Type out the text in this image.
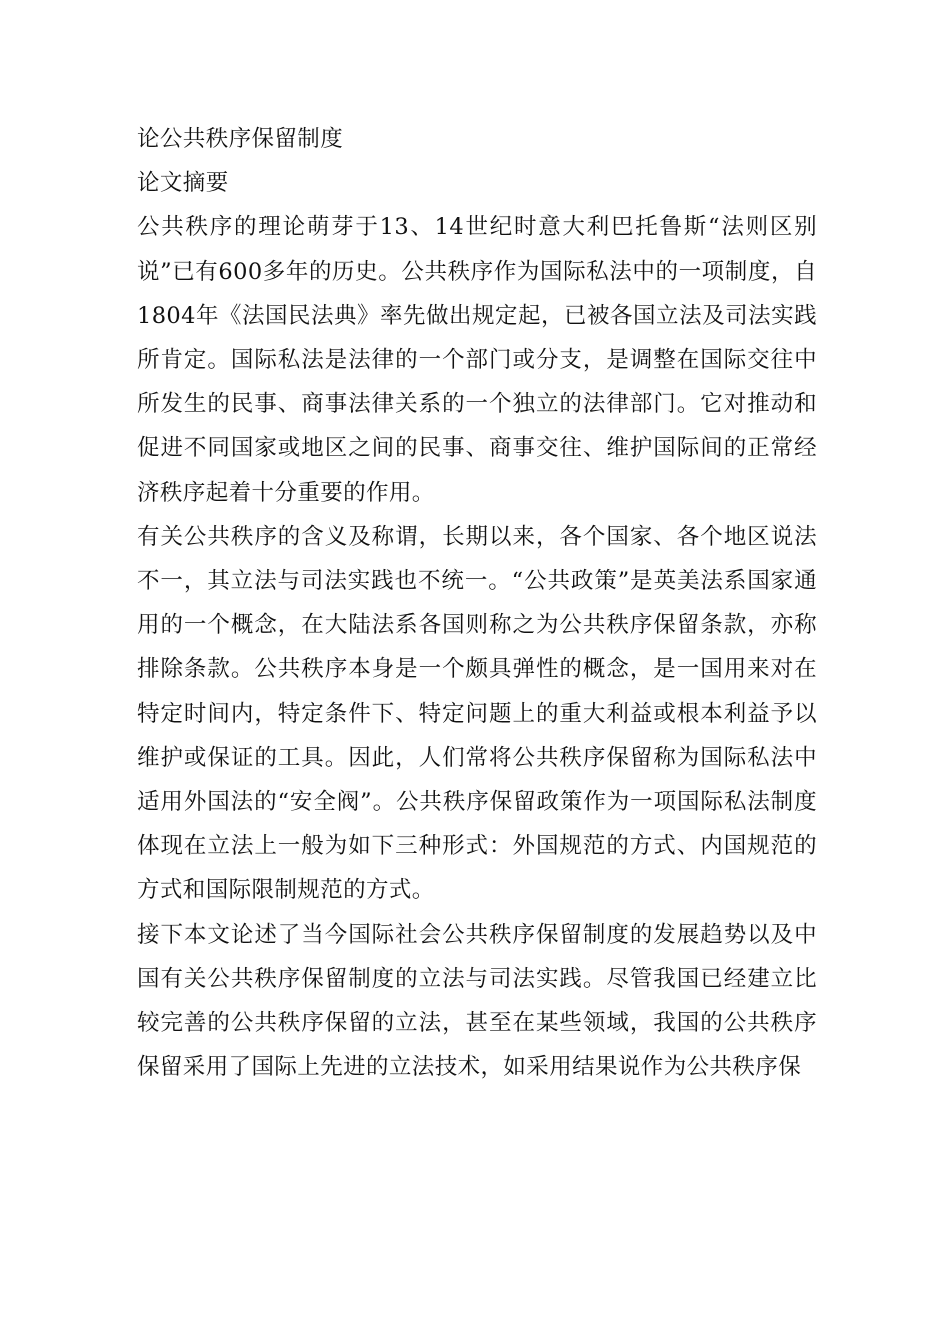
论公共秩序保留制度

论文摘要

公共秩序的理论萌芽于13、14世纪时意大利巴托鲁斯“法则区别说”已有600多年的历史。公共秩序作为国际私法中的一项制度，自1804年《法国民法典》率先做出规定起，已被各国立法及司法实践所肯定。国际私法是法律的一个部门或分支，是调整在国际交往中所发生的民事、商事法律关系的一个独立的法律部门。它对推动和促进不同国家或地区之间的民事、商事交往、维护国际间的正常经济秩序起着十分重要的作用。

有关公共秩序的含义及称谓，长期以来，各个国家、各个地区说法不一，其立法与司法实践也不统一。“公共政策”是英美法系国家通用的一个概念，在大陆法系各国则称之为公共秩序保留条款，亦称排除条款。公共秩序本身是一个颇具弹性的概念，是一国用来对在特定时间内，特定条件下、特定问题上的重大利益或根本利益予以维护或保证的工具。因此，人们常将公共秩序保留称为国际私法中适用外国法的“安全阀”。公共秩序保留政策作为一项国际私法制度体现在立法上一般为如下三种形式：外国规范的方式、内国规范的方式和国际限制规范的方式。

接下本文论述了当今国际社会公共秩序保留制度的发展趋势以及中国有关公共秩序保留制度的立法与司法实践。尽管我国已经建立比较完善的公共秩序保留的立法，甚至在某些领域，我国的公共秩序保留采用了国际上先进的立法技术，如采用结果说作为公共秩序保
